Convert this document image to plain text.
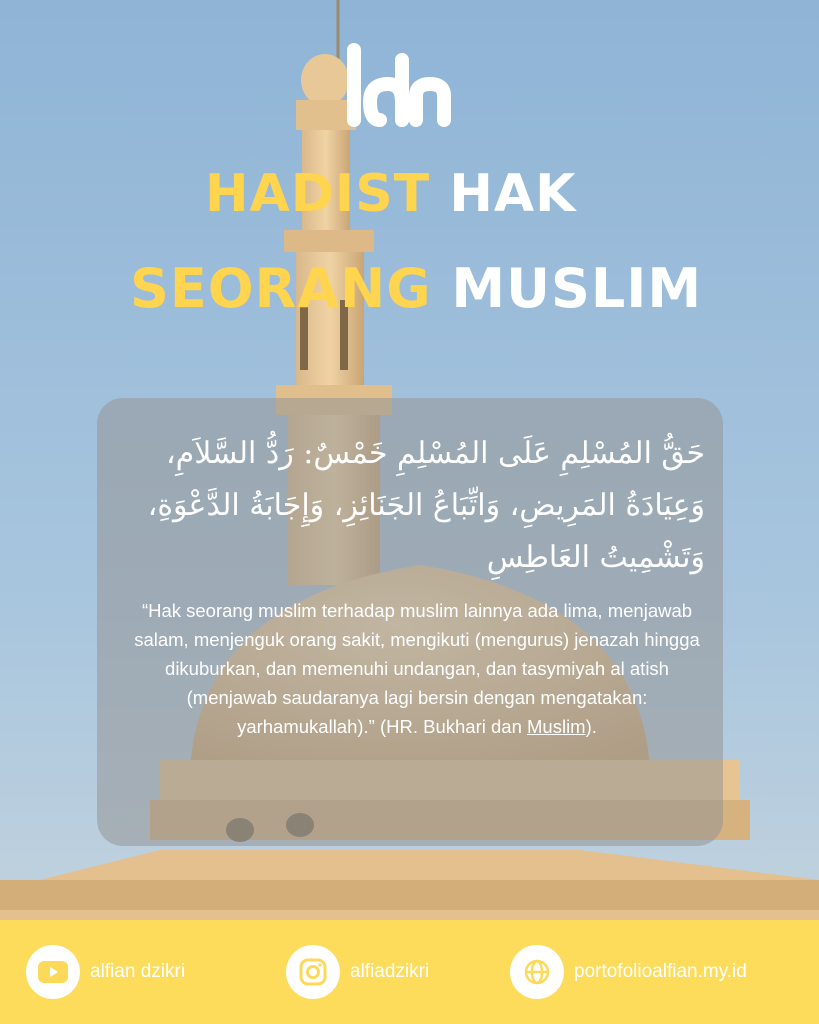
HADIST HAK
SEORANG MUSLIM
حَقُّ المُسْلِمِ عَلَى المُسْلِمِ خَمْسٌ: رَدُّ السَّلاَمِ، وَعِيَادَةُ المَرِيضِ، وَاتِّبَاعُ الجَنَائِزِ، وَإِجَابَةُ الدَّعْوَةِ، وَتَشْمِيتُ العَاطِسِ
“Hak seorang muslim terhadap muslim lainnya ada lima, menjawab salam, menjenguk orang sakit, mengikuti (mengurus) jenazah hingga dikuburkan, dan memenuhi undangan, dan tasymiyah al atish (menjawab saudaranya lagi bersin dengan mengatakan: yarhamukallah).” (HR. Bukhari dan Muslim).
alfian dzikri	alfiadzikri	portofolioalfian.my.id
